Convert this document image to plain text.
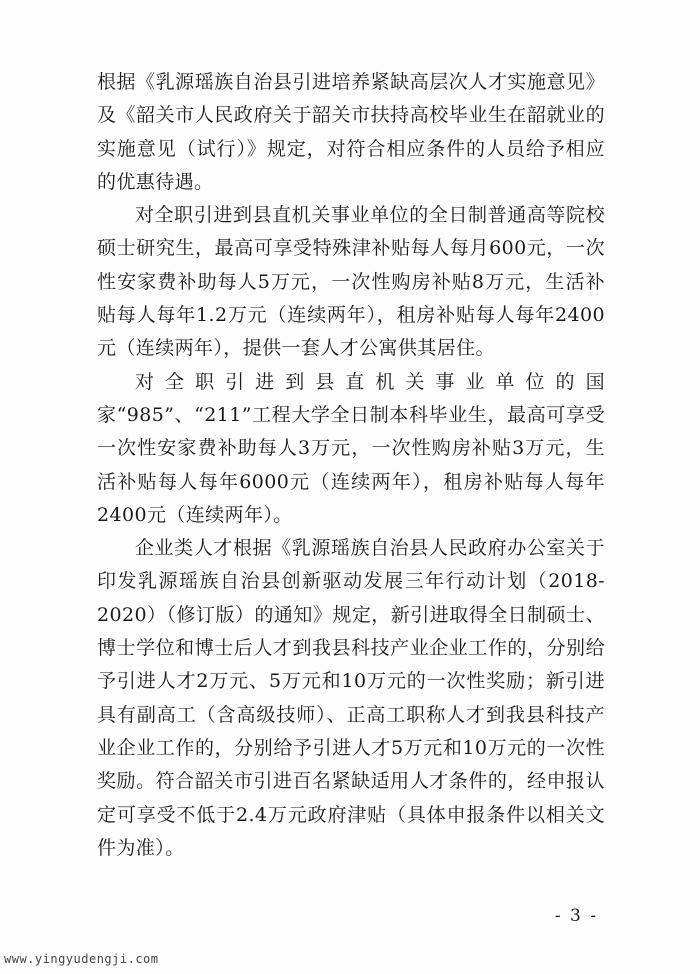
根据《乳源瑶族自治县引进培养紧缺高层次人才实施意见》及《韶关市人民政府关于韶关市扶持高校毕业生在韶就业的实施意见（试行）》规定，对符合相应条件的人员给予相应的优惠待遇。

对全职引进到县直机关事业单位的全日制普通高等院校硕士研究生，最高可享受特殊津补贴每人每月600元，一次性安家费补助每人5万元，一次性购房补贴8万元，生活补贴每人每年1.2万元（连续两年），租房补贴每人每年2400元（连续两年），提供一套人才公寓供其居住。

对全职引进到县直机关事业单位的国家“985”、“211”工程大学全日制本科毕业生，最高可享受一次性安家费补助每人3万元，一次性购房补贴3万元，生活补贴每人每年6000元（连续两年），租房补贴每人每年2400元（连续两年）。

企业类人才根据《乳源瑶族自治县人民政府办公室关于印发乳源瑶族自治县创新驱动发展三年行动计划（2018-2020）（修订版）的通知》规定，新引进取得全日制硕士、博士学位和博士后人才到我县科技产业企业工作的，分别给予引进人才2万元、5万元和10万元的一次性奖励；新引进具有副高工（含高级技师）、正高工职称人才到我县科技产业企业工作的，分别给予引进人才5万元和10万元的一次性奖励。符合韶关市引进百名紧缺适用人才条件的，经申报认定可享受不低于2.4万元政府津贴（具体申报条件以相关文件为准）。

- 3 -
www.yingyudengji.com
